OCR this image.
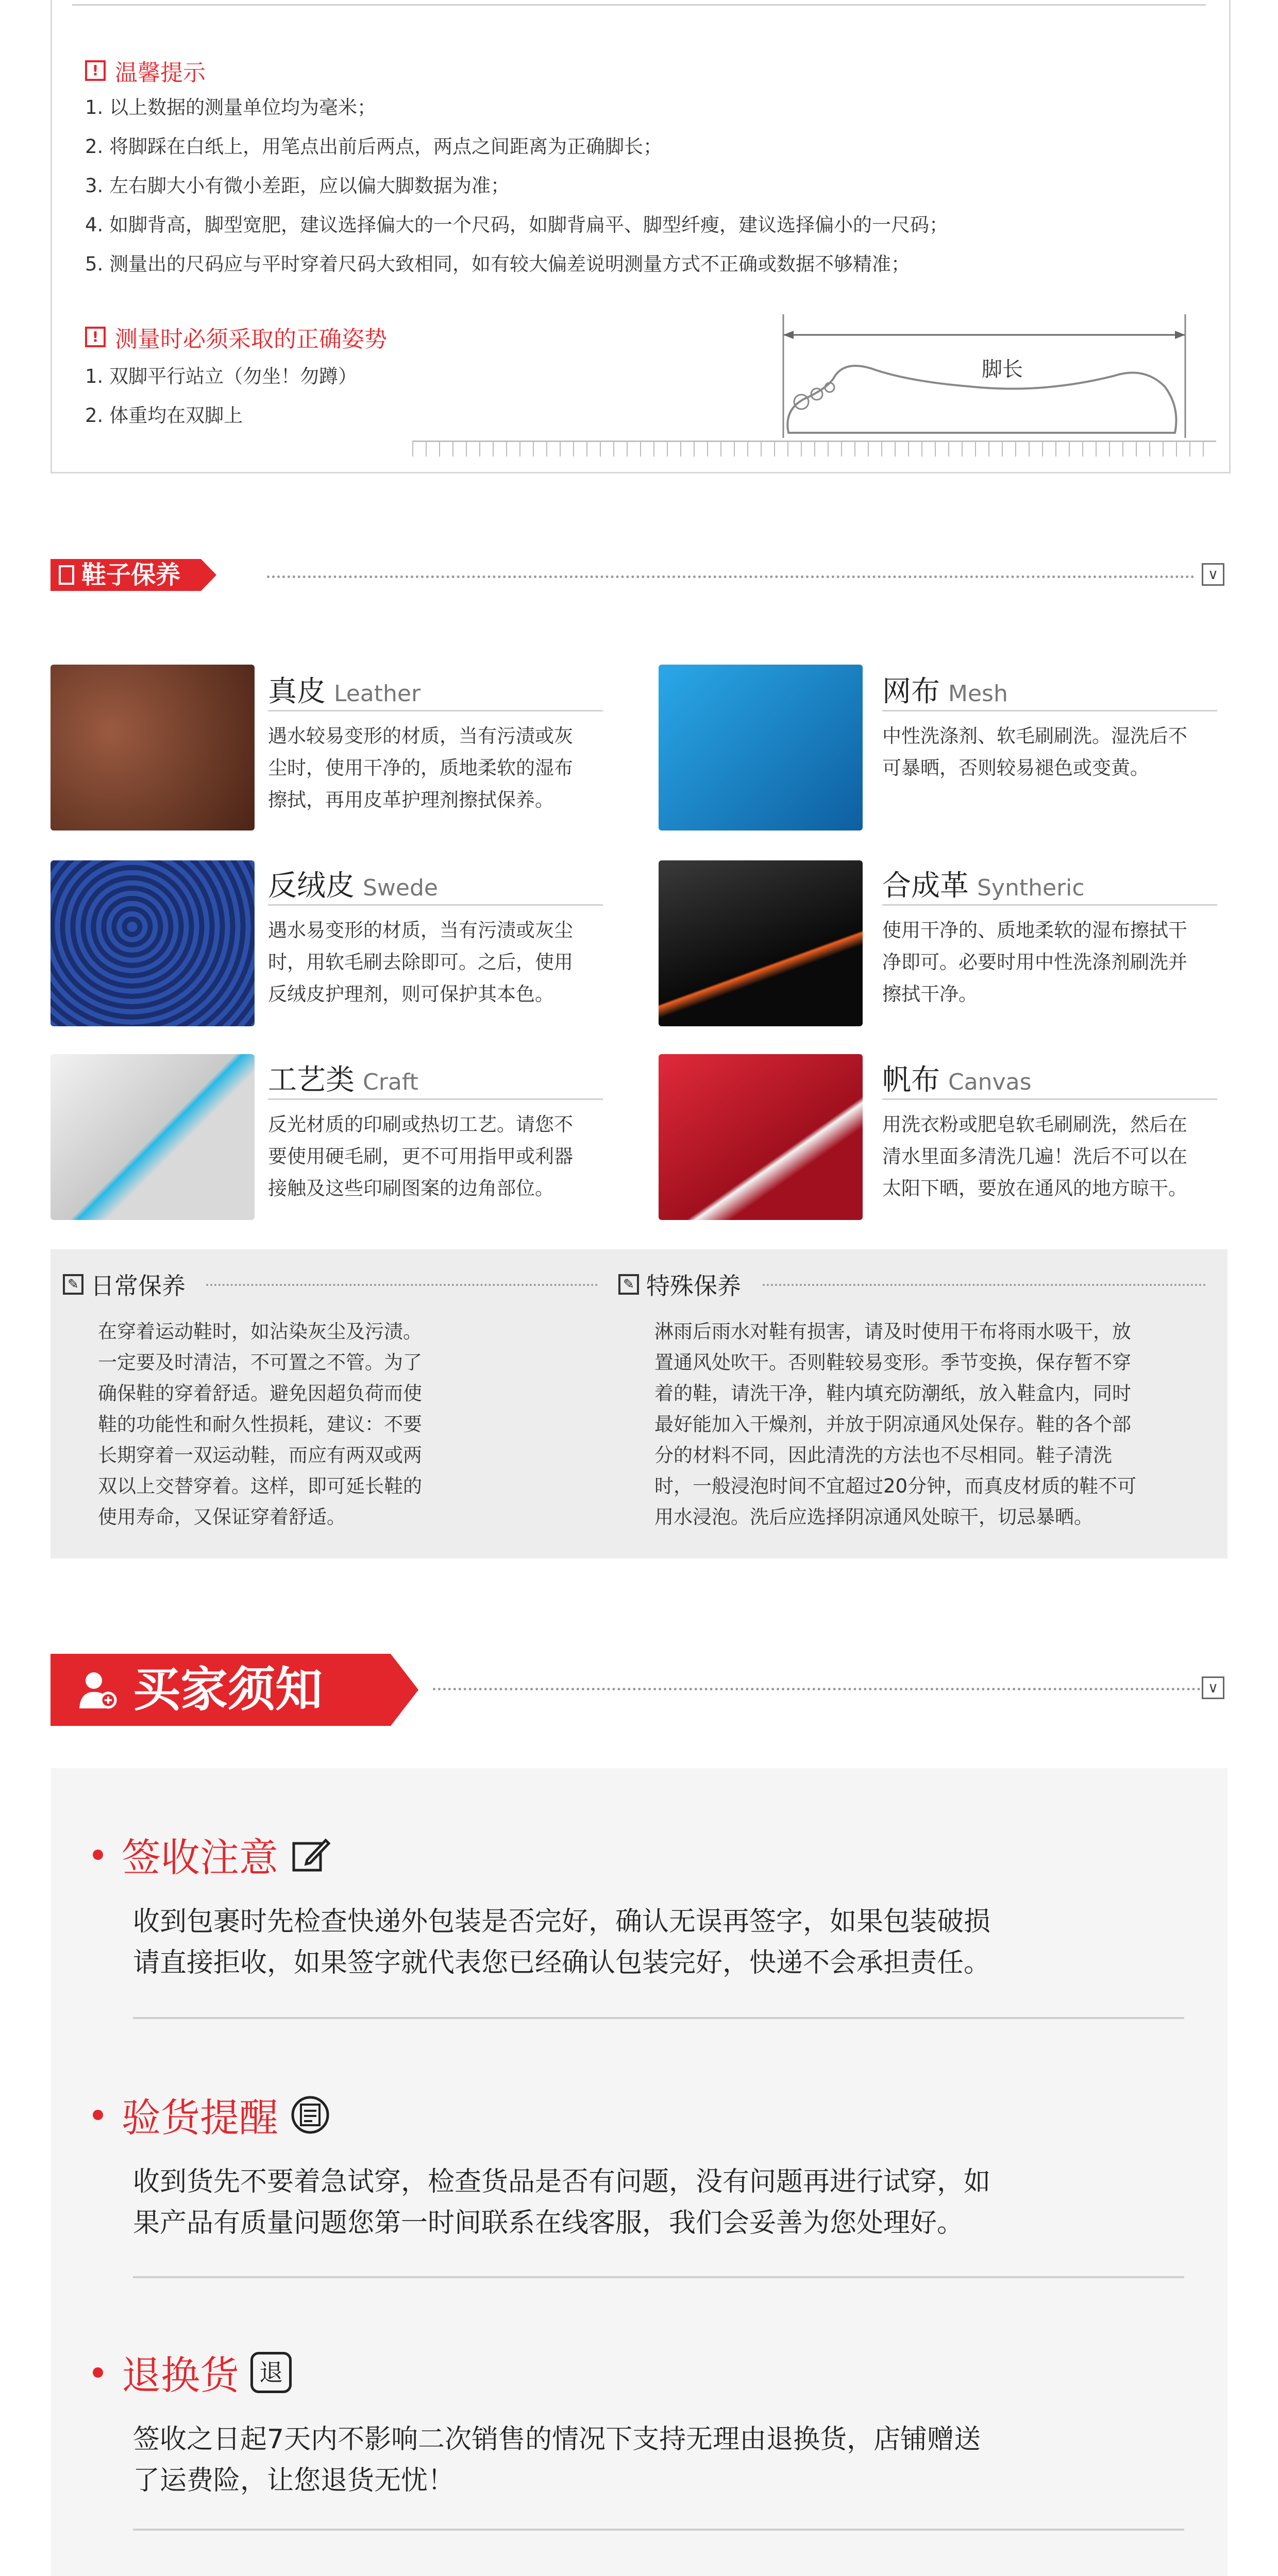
! 温馨提示
1. 以上数据的测量单位均为毫米；
2. 将脚踩在白纸上，用笔点出前后两点，两点之间距离为正确脚长；
3. 左右脚大小有微小差距，应以偏大脚数据为准；
4. 如脚背高，脚型宽肥，建议选择偏大的一个尺码，如脚背扁平、脚型纤瘦，建议选择偏小的一尺码；
5. 测量出的尺码应与平时穿着尺码大致相同，如有较大偏差说明测量方式不正确或数据不够精准；
! 测量时必须采取的正确姿势
1. 双脚平行站立（勿坐！勿蹲）
2. 体重均在双脚上
脚长
鞋子保养	∨
真皮 Leather
遇水较易变形的材质，当有污渍或灰
尘时，使用干净的，质地柔软的湿布
擦拭，再用皮革护理剂擦拭保养。
网布 Mesh
中性洗涤剂、软毛刷刷洗。湿洗后不
可暴晒，否则较易褪色或变黄。
反绒皮 Swede
遇水易变形的材质，当有污渍或灰尘
时，用软毛刷去除即可。之后，使用
反绒皮护理剂，则可保护其本色。
合成革 Syntheric
使用干净的、质地柔软的湿布擦拭干
净即可。必要时用中性洗涤剂刷洗并
擦拭干净。
工艺类 Craft
反光材质的印刷或热切工艺。请您不
要使用硬毛刷，更不可用指甲或利器
接触及这些印刷图案的边角部位。
帆布 Canvas
用洗衣粉或肥皂软毛刷刷洗，然后在
清水里面多清洗几遍！洗后不可以在
太阳下晒，要放在通风的地方晾干。
✎ 日常保养
在穿着运动鞋时，如沾染灰尘及污渍。
一定要及时清洁，不可置之不管。为了
确保鞋的穿着舒适。避免因超负荷而使
鞋的功能性和耐久性损耗，建议：不要
长期穿着一双运动鞋，而应有两双或两
双以上交替穿着。这样，即可延长鞋的
使用寿命，又保证穿着舒适。
✎ 特殊保养
淋雨后雨水对鞋有损害，请及时使用干布将雨水吸干，放
置通风处吹干。否则鞋较易变形。季节变换，保存暂不穿
着的鞋，请洗干净，鞋内填充防潮纸，放入鞋盒内，同时
最好能加入干燥剂，并放于阴凉通风处保存。鞋的各个部
分的材料不同，因此清洗的方法也不尽相同。鞋子清洗
时，一般浸泡时间不宜超过20分钟，而真皮材质的鞋不可
用水浸泡。洗后应选择阴凉通风处晾干，切忌暴晒。
买家须知	∨
签收注意
收到包裹时先检查快递外包装是否完好，确认无误再签字，如果包装破损
请直接拒收，如果签字就代表您已经确认包装完好，快递不会承担责任。
验货提醒
收到货先不要着急试穿，检查货品是否有问题，没有问题再进行试穿，如
果产品有质量问题您第一时间联系在线客服，我们会妥善为您处理好。
退换货 退
签收之日起7天内不影响二次销售的情况下支持无理由退换货，店铺赠送
了运费险，让您退货无忧！
